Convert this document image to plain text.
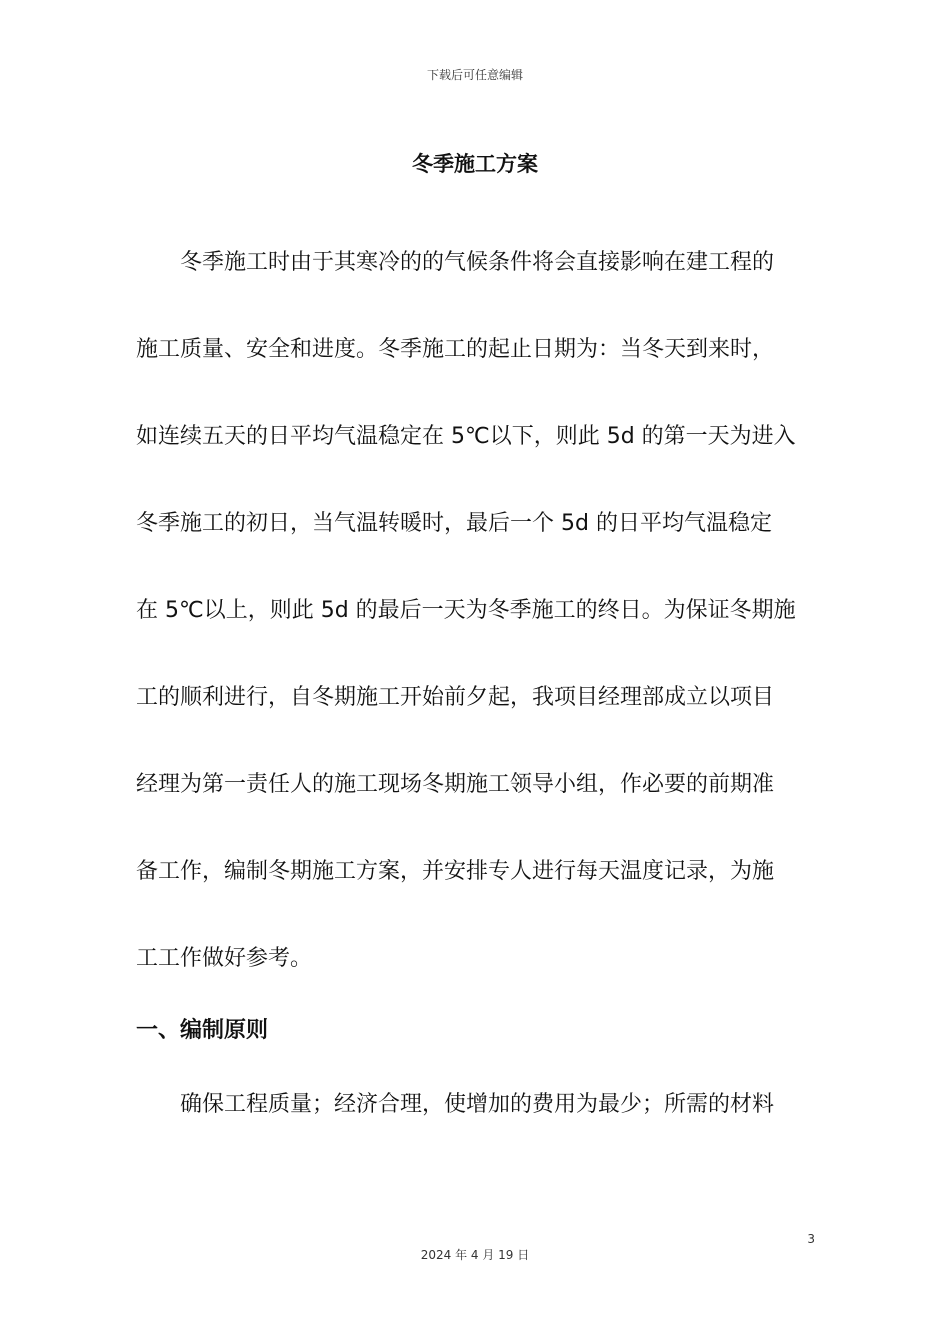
下载后可任意编辑
冬季施工方案
冬季施工时由于其寒冷的的气候条件将会直接影响在建工程的
施工质量、安全和进度。冬季施工的起止日期为：当冬天到来时，
如连续五天的日平均气温稳定在 5℃以下，则此 5d 的第一天为进入
冬季施工的初日，当气温转暖时，最后一个 5d 的日平均气温稳定
在 5℃以上，则此 5d 的最后一天为冬季施工的终日。为保证冬期施
工的顺利进行，自冬期施工开始前夕起，我项目经理部成立以项目
经理为第一责任人的施工现场冬期施工领导小组，作必要的前期准
备工作，编制冬期施工方案，并安排专人进行每天温度记录，为施
工工作做好参考。
一、编制原则
确保工程质量；经济合理，使增加的费用为最少；所需的材料
3
2024 年 4 月 19 日
